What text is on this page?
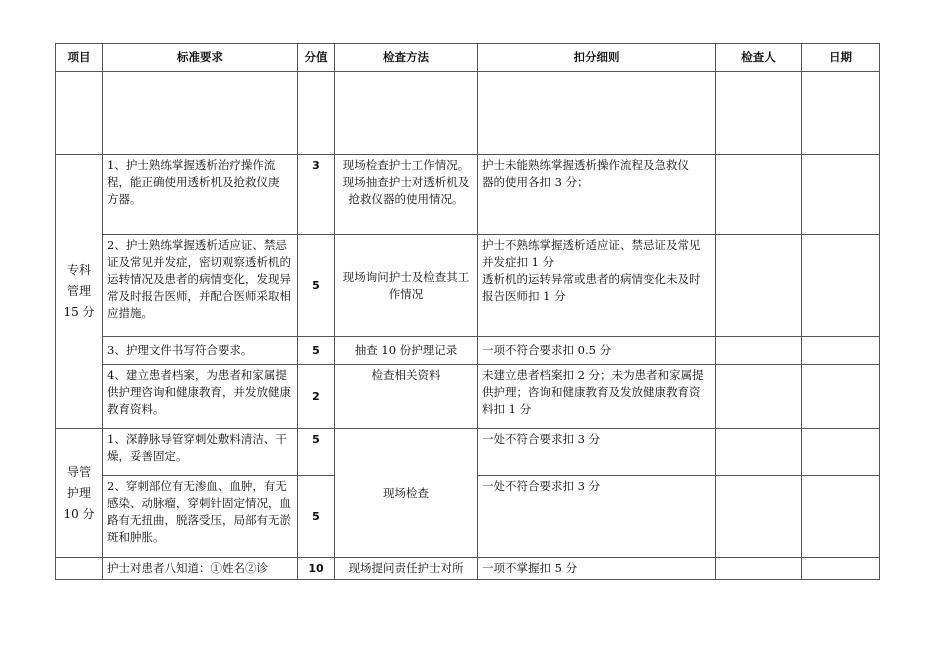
项目	标准要求	分值	检查方法	扣分细则	检查人	日期

专科
管理
15 分	1、护士熟练掌握透析治疗操作流程，能正确使用透析机及抢救仪庚
方器。	3	现场检查护士工作情况。现场抽查护士对透析机及抢救仪器的使用情况。	护士未能熟练掌握透析操作流程及急救仪
器的使用各扣 3 分；		
	2、护士熟练掌握透析适应证、禁忌证及常见并发症，密切观察透析机的运转情况及患者的病情变化，发现异常及时报告医师，并配合医师采取相应措施。	5	现场询问护士及检查其工作情况	护士不熟练掌握透析适应证、禁忌证及常见并发症扣 1 分
透析机的运转异常或患者的病情变化未及时报告医师扣 1 分		
	3、护理文件书写符合要求。	5	抽查 10 份护理记录	一项不符合要求扣 0.5 分		
	4、建立患者档案，为患者和家属提供护理咨询和健康教育，并发放健康教育资料。	2	检查相关资料	未建立患者档案扣 2 分；未为患者和家属提供护理；咨询和健康教育及发放健康教育资料扣 1 分		
导管
护理
10 分	1、深静脉导管穿刺处敷料清洁、干燥，妥善固定。	5	现场检查	一处不符合要求扣 3 分		
	2、穿刺部位有无渗血、血肿，有无感染、动脉瘤，穿刺针固定情况，血路有无扭曲，脱落受压，局部有无淤斑和肿胀。	5		一处不符合要求扣 3 分		
	护士对患者八知道：①姓名②诊	10	现场提问责任护士对所	一项不掌握扣 5 分		
